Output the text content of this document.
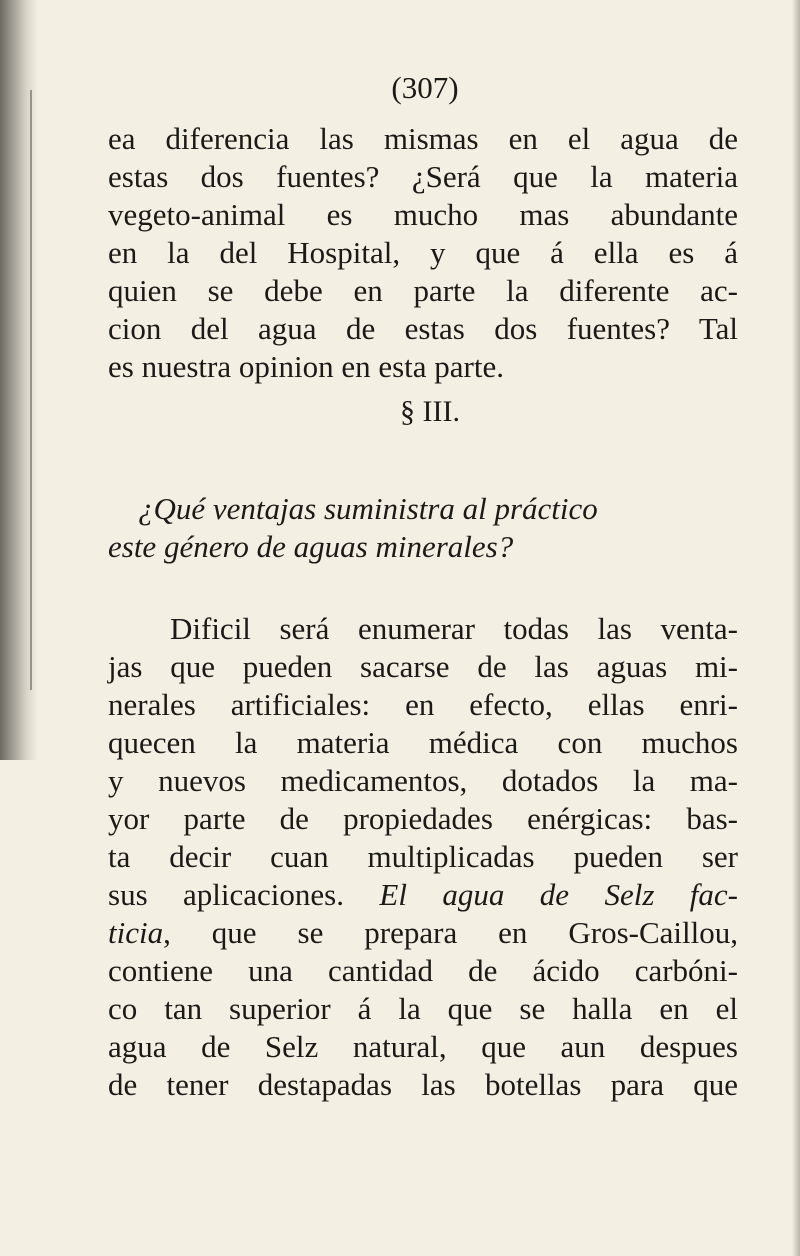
(307)
ea diferencia las mismas en el agua de
estas dos fuentes? ¿Será que la materia
vegeto-animal es mucho mas abundante
en la del Hospital, y que á ella es á
quien se debe en parte la diferente ac-
cion del agua de estas dos fuentes? Tal
es nuestra opinion en esta parte.
§ III.
¿Qué ventajas suministra al práctico
este género de aguas minerales?
Dificil será enumerar todas las venta-
jas que pueden sacarse de las aguas mi-
nerales artificiales: en efecto, ellas enri-
quecen la materia médica con muchos
y nuevos medicamentos, dotados la ma-
yor parte de propiedades enérgicas: bas-
ta decir cuan multiplicadas pueden ser
sus aplicaciones. El agua de Selz fac-
ticia, que se prepara en Gros-Caillou,
contiene una cantidad de ácido carbóni-
co tan superior á la que se halla en el
agua de Selz natural, que aun despues
de tener destapadas las botellas para que
